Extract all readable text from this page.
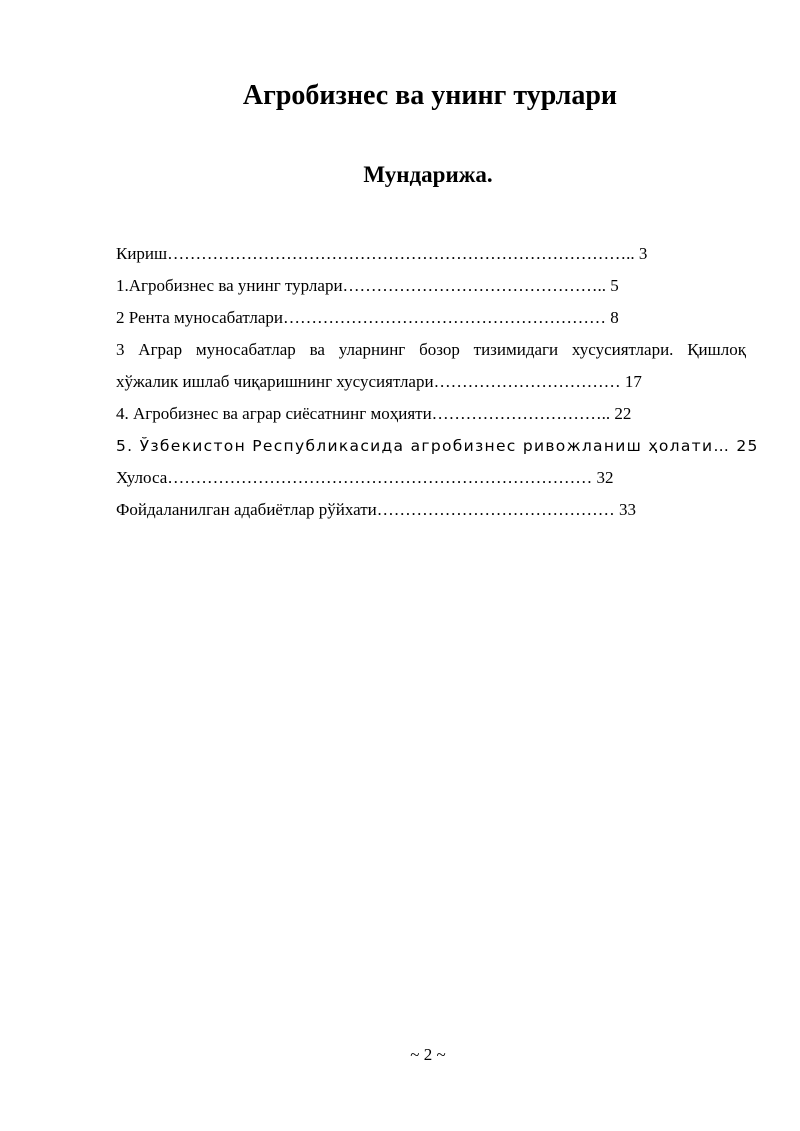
Агробизнес ва унинг турлари
Мундарижа.
Кириш……………………………………………………………………….. 3
1.Агробизнес ва унинг турлари……………………………………….. 5
2 Рента муносабатлари………………………………………………… 8
3 Аграр муносабатлар ва уларнинг бозор тизимидаги хусусиятлари. Қишлоқ
хўжалик ишлаб чиқаришнинг хусусиятлари…………………………… 17
4. Агробизнес ва аграр сиёсатнинг моҳияти………………………….. 22
5. Ўзбекистон Республикасида агробизнес ривожланиш ҳолати… 25
Хулоса………………………………………………………………… 32
Фойдаланилган адабиётлар рўйхати…………………………………… 33
~ 2 ~
